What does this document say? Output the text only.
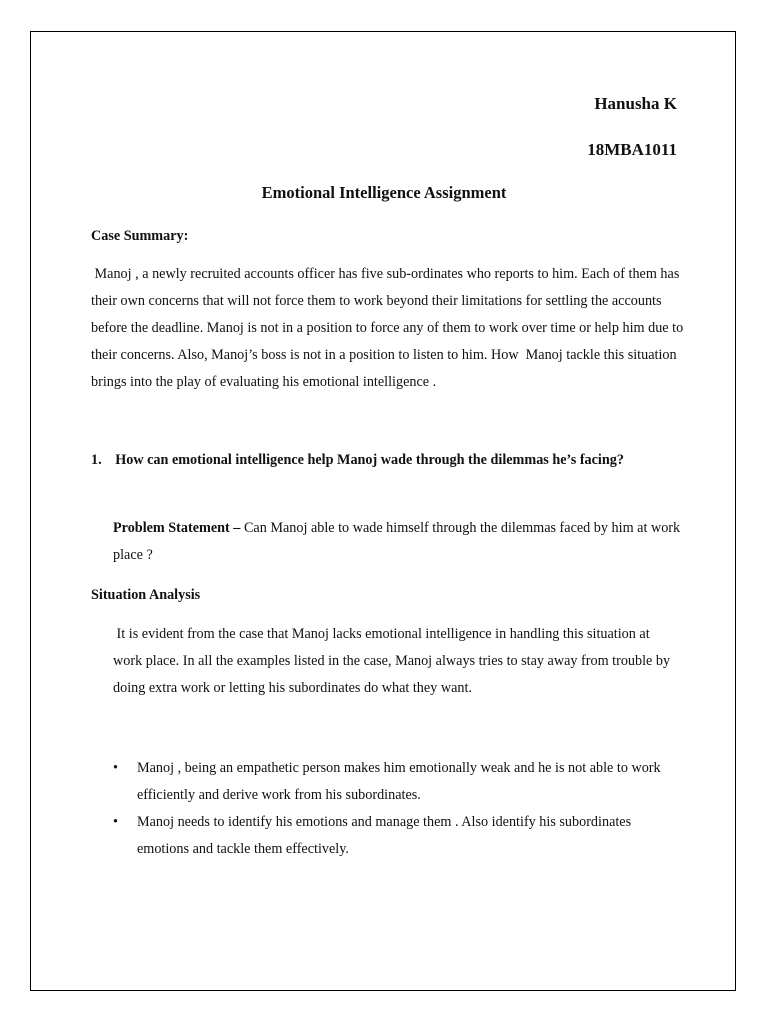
Hanusha K
18MBA1011
Emotional Intelligence Assignment
Case Summary:
Manoj , a newly recruited accounts officer has five sub-ordinates who reports to him. Each of them has their own concerns that will not force them to work beyond their limitations for settling the accounts before the deadline. Manoj is not in a position to force any of them to work over time or help him due to their concerns. Also, Manoj’s boss is not in a position to listen to him. How  Manoj tackle this situation brings into the play of evaluating his emotional intelligence .
1. How can emotional intelligence help Manoj wade through the dilemmas he’s facing?
Problem Statement – Can Manoj able to wade himself through the dilemmas faced by him at work place ?
Situation Analysis
It is evident from the case that Manoj lacks emotional intelligence in handling this situation at work place. In all the examples listed in the case, Manoj always tries to stay away from trouble by doing extra work or letting his subordinates do what they want.
• Manoj , being an empathetic person makes him emotionally weak and he is not able to work efficiently and derive work from his subordinates.
• Manoj needs to identify his emotions and manage them . Also identify his subordinates emotions and tackle them effectively.
